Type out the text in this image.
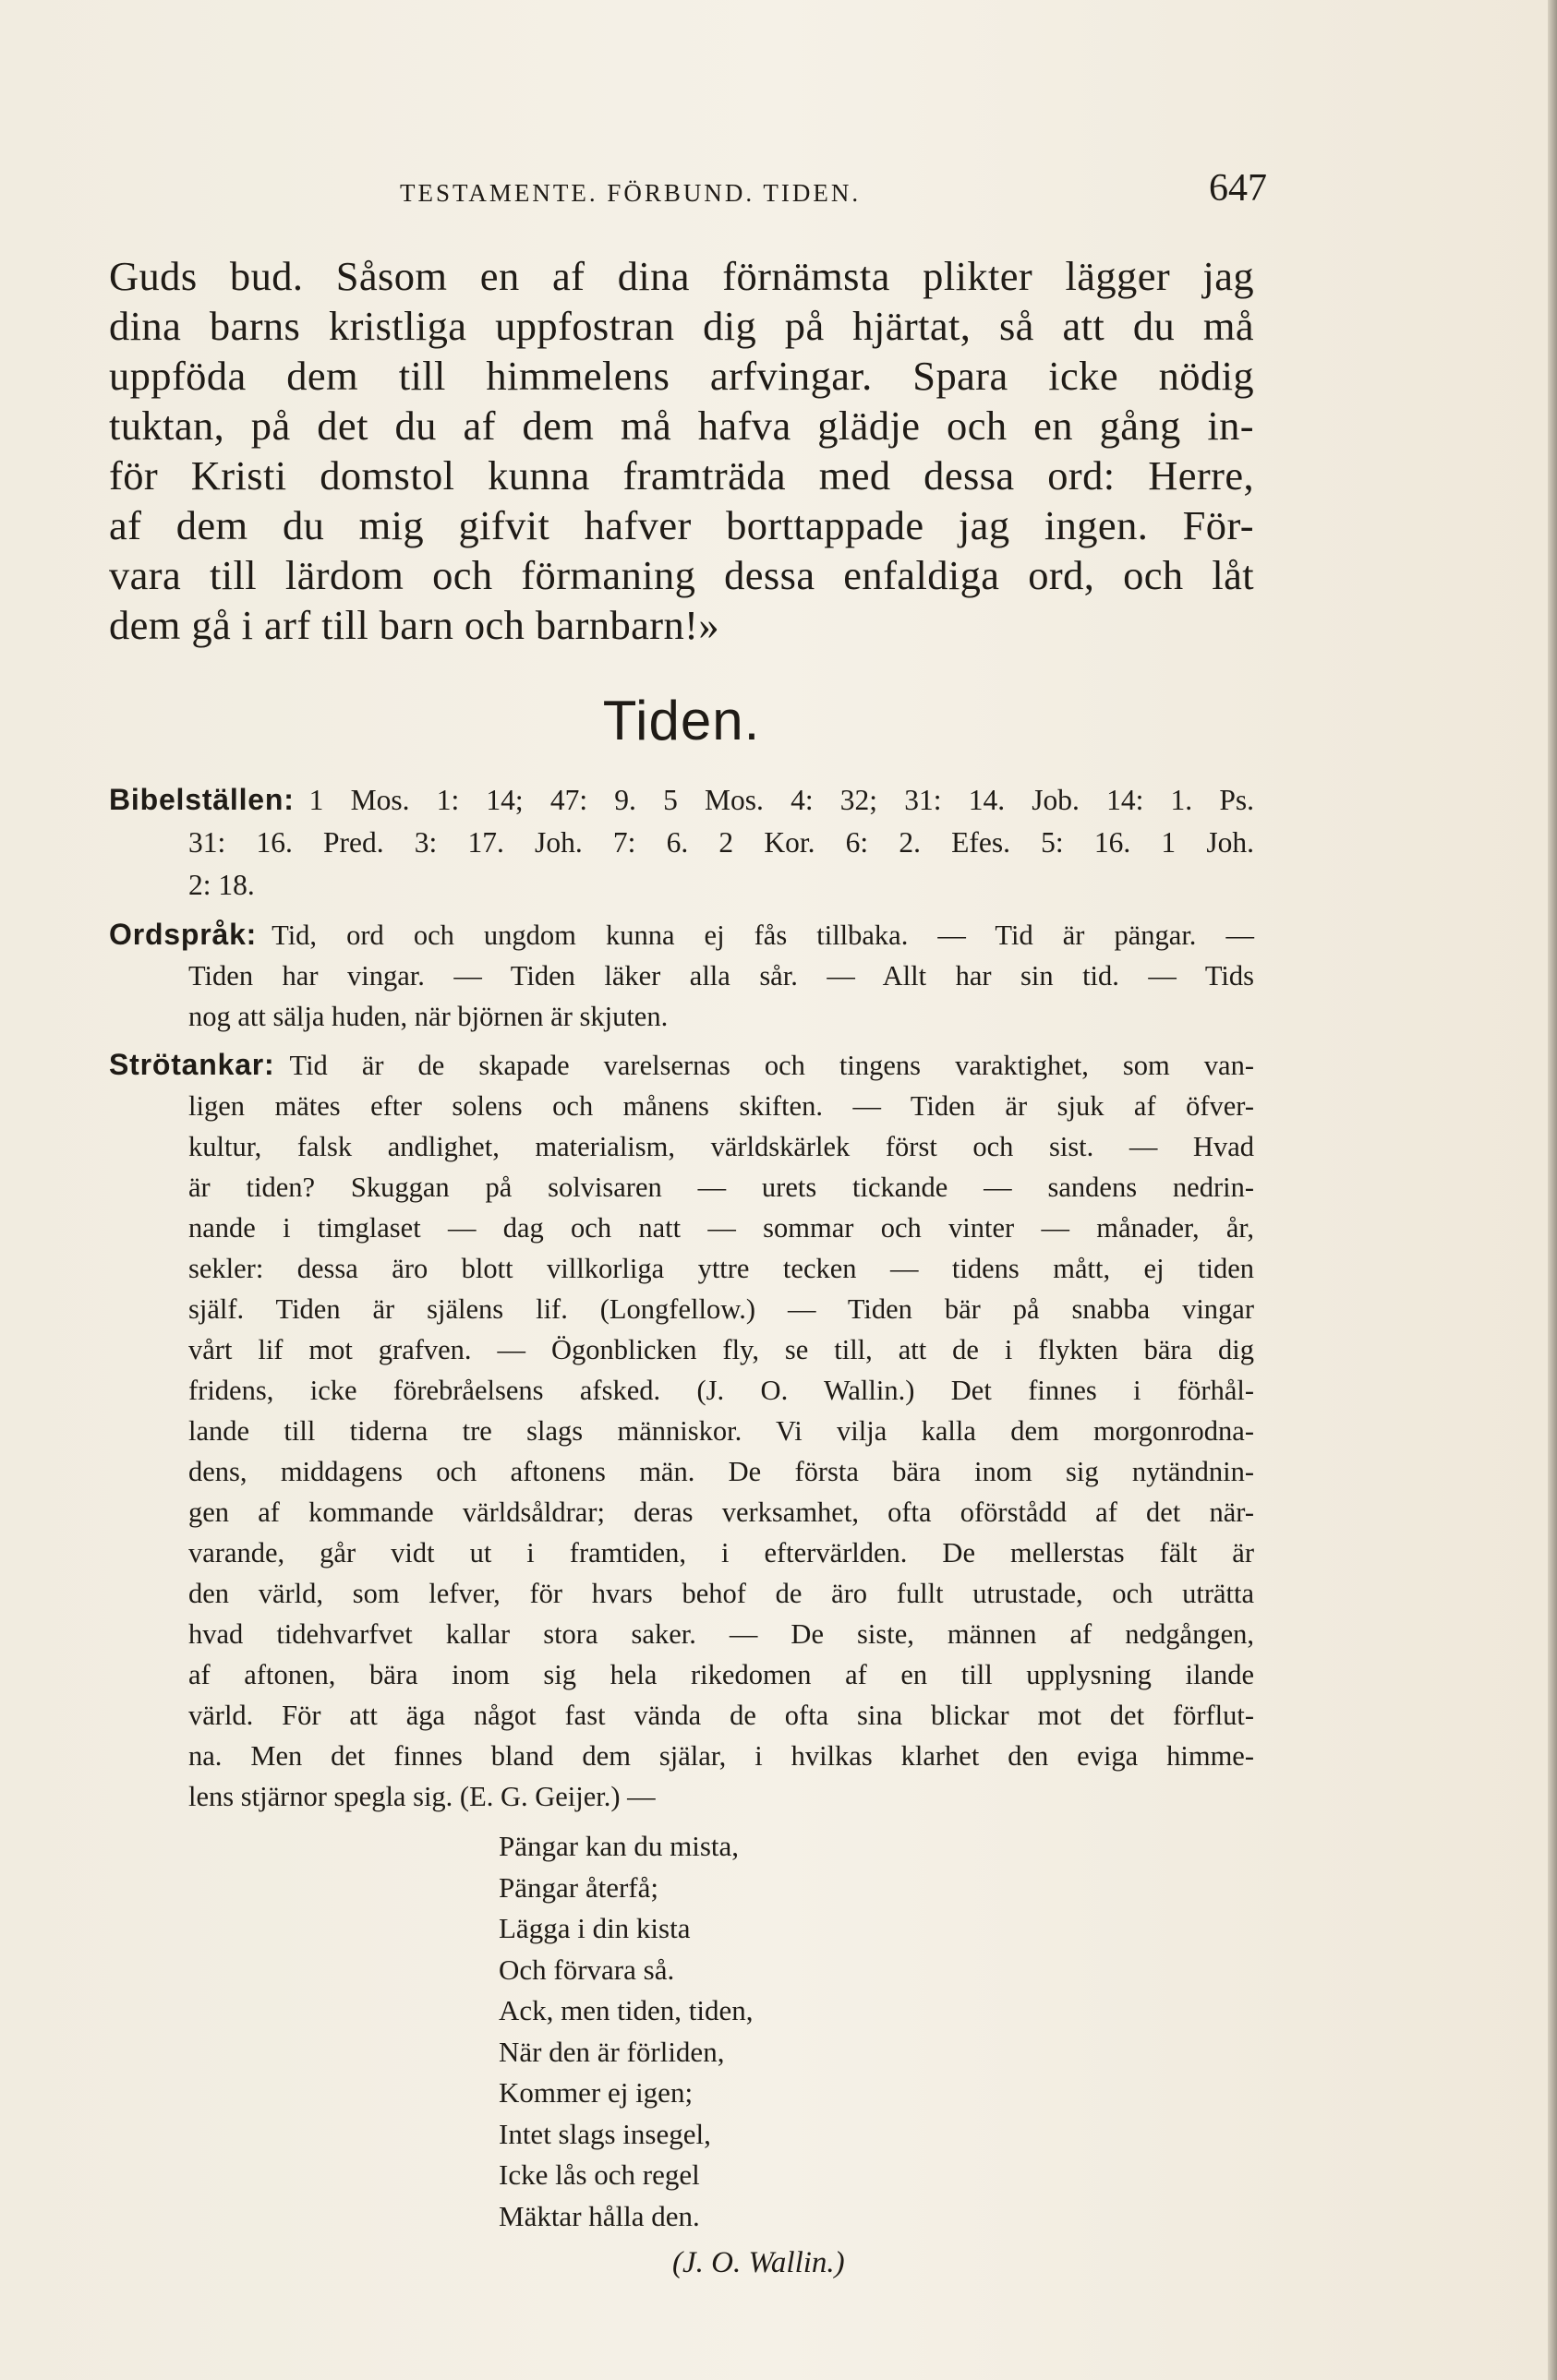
TESTAMENTE. FÖRBUND. TIDEN.	647
Guds bud. Såsom en af dina förnämsta plikter lägger jag
dina barns kristliga uppfostran dig på hjärtat, så att du må
uppföda dem till himmelens arfvingar. Spara icke nödig
tuktan, på det du af dem må hafva glädje och en gång in-
för Kristi domstol kunna framträda med dessa ord: Herre,
af dem du mig gifvit hafver borttappade jag ingen. För-
vara till lärdom och förmaning dessa enfaldiga ord, och låt
dem gå i arf till barn och barnbarn!»
Tiden.
Bibelställen: 1 Mos. 1: 14; 47: 9. 5 Mos. 4: 32; 31: 14. Job. 14: 1. Ps.
31: 16. Pred. 3: 17. Joh. 7: 6. 2 Kor. 6: 2. Efes. 5: 16. 1 Joh.
2: 18.
Ordspråk: Tid, ord och ungdom kunna ej fås tillbaka. — Tid är pängar. —
Tiden har vingar. — Tiden läker alla sår. — Allt har sin tid. — Tids
nog att sälja huden, när björnen är skjuten.
Strötankar: Tid är de skapade varelsernas och tingens varaktighet, som van-
ligen mätes efter solens och månens skiften. — Tiden är sjuk af öfver-
kultur, falsk andlighet, materialism, världskärlek först och sist. — Hvad
är tiden? Skuggan på solvisaren — urets tickande — sandens nedrin-
nande i timglaset — dag och natt — sommar och vinter — månader, år,
sekler: dessa äro blott villkorliga yttre tecken — tidens mått, ej tiden
själf. Tiden är själens lif. (Longfellow.) — Tiden bär på snabba vingar
vårt lif mot grafven. — Ögonblicken fly, se till, att de i flykten bära dig
fridens, icke förebråelsens afsked. (J. O. Wallin.) Det finnes i förhål-
lande till tiderna tre slags människor. Vi vilja kalla dem morgonrodna-
dens, middagens och aftonens män. De första bära inom sig nytändnin-
gen af kommande världsåldrar; deras verksamhet, ofta oförstådd af det när-
varande, går vidt ut i framtiden, i eftervärlden. De mellerstas fält är
den värld, som lefver, för hvars behof de äro fullt utrustade, och uträtta
hvad tidehvarfvet kallar stora saker. — De siste, männen af nedgången,
af aftonen, bära inom sig hela rikedomen af en till upplysning ilande
värld. För att äga något fast vända de ofta sina blickar mot det förflut-
na. Men det finnes bland dem själar, i hvilkas klarhet den eviga himme-
lens stjärnor spegla sig. (E. G. Geijer.) —
Pängar kan du mista,
Pängar återfå;
Lägga i din kista
Och förvara så.
Ack, men tiden, tiden,
När den är förliden,
Kommer ej igen;
Intet slags insegel,
Icke lås och regel
Mäktar hålla den.
(J. O. Wallin.)
